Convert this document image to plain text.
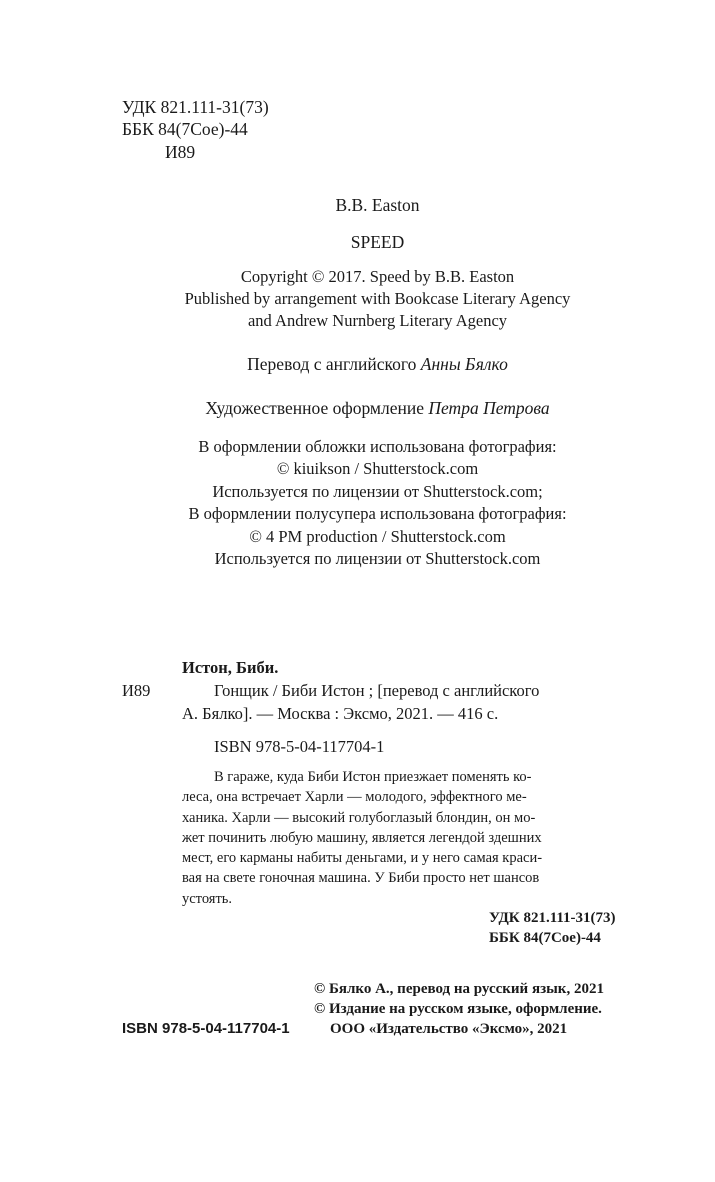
УДК 821.111-31(73)
ББК 84(7Сое)-44
И89
B.B. Easton
SPEED
Copyright © 2017. Speed by B.B. Easton
Published by arrangement with Bookcase Literary Agency
and Andrew Nurnberg Literary Agency
Перевод с английского Анны Бялко
Художественное оформление Петра Петрова
В оформлении обложки использована фотография:
© kiuikson / Shutterstock.com
Используется по лицензии от Shutterstock.com;
В оформлении полусупера использована фотография:
© 4 PM production / Shutterstock.com
Используется по лицензии от Shutterstock.com
Истон, Биби.
И89	Гонщик / Биби Истон ; [перевод с английского
А. Бялко]. — Москва : Эксмо, 2021. — 416 с.
ISBN 978-5-04-117704-1
В гараже, куда Биби Истон приезжает поменять ко-
леса, она встречает Харли — молодого, эффектного ме-
ханика. Харли — высокий голубоглазый блондин, он мо-
жет починить любую машину, является легендой здешних
мест, его карманы набиты деньгами, и у него самая краси-
вая на свете гоночная машина. У Биби просто нет шансов
устоять.
УДК 821.111-31(73)
ББК 84(7Сое)-44
© Бялко А., перевод на русский язык, 2021
© Издание на русском языке, оформление.
ООО «Издательство «Эксмо», 2021
ISBN 978-5-04-117704-1
